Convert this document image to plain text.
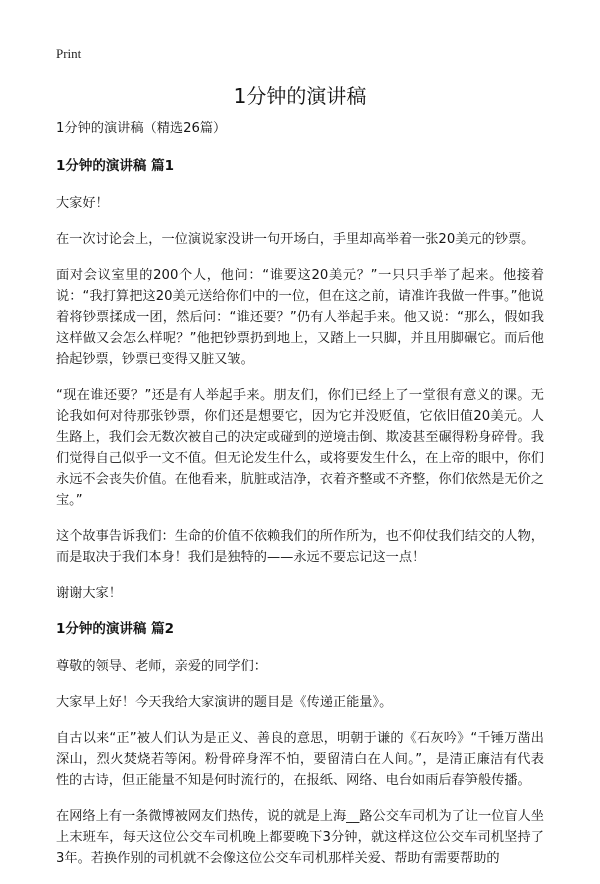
Print
1分钟的演讲稿

1分钟的演讲稿（精选26篇）

1分钟的演讲稿 篇1

大家好！

在一次讨论会上，一位演说家没讲一句开场白，手里却高举着一张20美元的钞票。

面对会议室里的200个人，他问：“谁要这20美元？”一只只手举了起来。他接着说：“我打算把这20美元送给你们中的一位，但在这之前，请准许我做一件事。”他说着将钞票揉成一团，然后问：“谁还要？”仍有人举起手来。他又说：“那么，假如我这样做又会怎么样呢？”他把钞票扔到地上，又踏上一只脚，并且用脚碾它。而后他拾起钞票，钞票已变得又脏又皱。

“现在谁还要？”还是有人举起手来。朋友们，你们已经上了一堂很有意义的课。无论我如何对待那张钞票，你们还是想要它，因为它并没贬值，它依旧值20美元。人生路上，我们会无数次被自己的决定或碰到的逆境击倒、欺凌甚至碾得粉身碎骨。我们觉得自己似乎一文不值。但无论发生什么，或将要发生什么，在上帝的眼中，你们永远不会丧失价值。在他看来，肮脏或洁净，衣着齐整或不齐整，你们依然是无价之宝。”

这个故事告诉我们：生命的价值不依赖我们的所作所为，也不仰仗我们结交的人物，而是取决于我们本身！我们是独特的——永远不要忘记这一点！

谢谢大家！

1分钟的演讲稿 篇2

尊敬的领导、老师，亲爱的同学们：

大家早上好！今天我给大家演讲的题目是《传递正能量》。

自古以来“正”被人们认为是正义、善良的意思，明朝于谦的《石灰吟》“千锤万凿出深山，烈火焚烧若等闲。粉骨碎身浑不怕，要留清白在人间。”，是清正廉洁有代表性的古诗，但正能量不知是何时流行的，在报纸、网络、电台如雨后春笋般传播。

在网络上有一条微博被网友们热传，说的就是上海__路公交车司机为了让一位盲人坐上末班车，每天这位公交车司机晚上都要晚下3分钟，就这样这位公交车司机坚持了3年。若换作别的司机就不会像这位公交车司机那样关爱、帮助有需要帮助的
